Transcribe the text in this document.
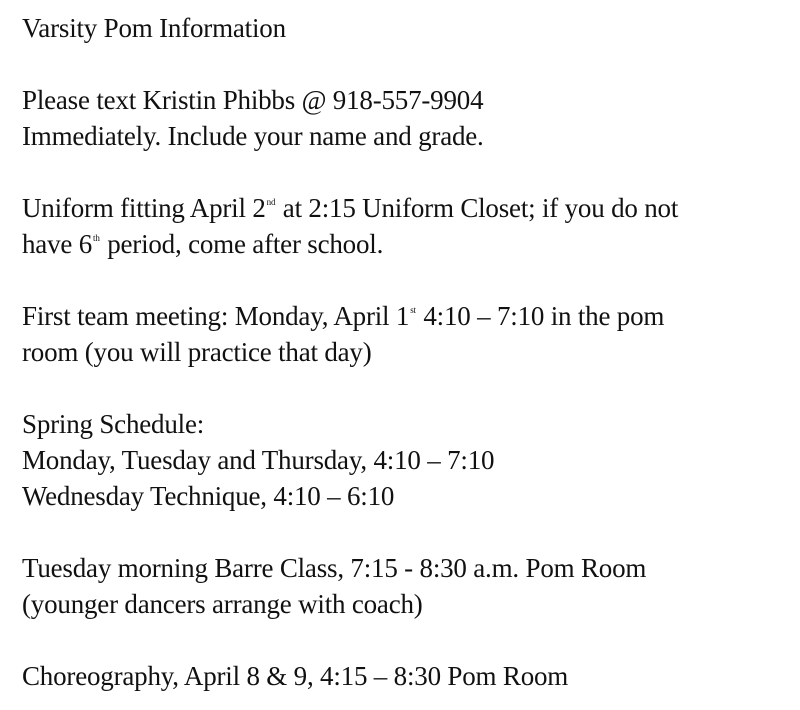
Varsity Pom Information
Please text Kristin Phibbs @ 918-557-9904
Immediately. Include your name and grade.
Uniform fitting April 2nd at 2:15 Uniform Closet; if you do not
have 6th period, come after school.
First team meeting: Monday, April 1st 4:10 – 7:10 in the pom
room (you will practice that day)
Spring Schedule:
Monday, Tuesday and Thursday, 4:10 – 7:10
Wednesday Technique, 4:10 – 6:10
Tuesday morning Barre Class, 7:15 - 8:30 a.m. Pom Room
(younger dancers arrange with coach)
Choreography, April 8 & 9, 4:15 – 8:30 Pom Room
